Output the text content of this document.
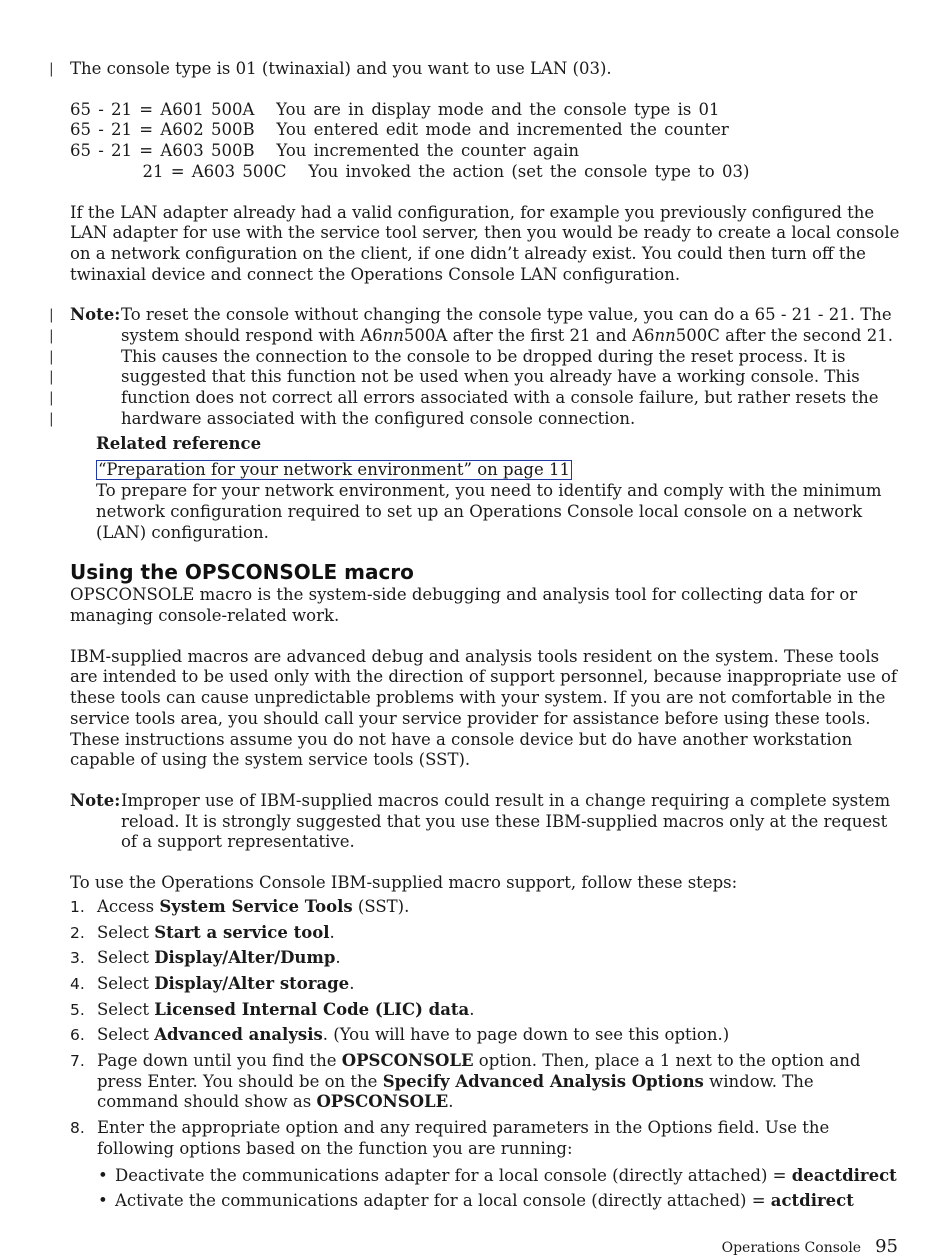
| The console type is 01 (twinaxial) and you want to use LAN (03).

65 - 21 = A601 500A   You are in display mode and the console type is 01
65 - 21 = A602 500B   You entered edit mode and incremented the counter
65 - 21 = A603 500B   You incremented the counter again
21 = A603 500C   You invoked the action (set the console type to 03)

If the LAN adapter already had a valid configuration, for example you previously configured the LAN adapter for use with the service tool server, then you would be ready to create a local console on a network configuration on the client, if one didn’t already exist. You could then turn off the twinaxial device and connect the Operations Console LAN configuration.

|
|
|
|
|
|
Note: To reset the console without changing the console type value, you can do a 65 - 21 - 21. The system should respond with A6nn500A after the first 21 and A6nn500C after the second 21. This causes the connection to the console to be dropped during the reset process. It is suggested that this function not be used when you already have a working console. This function does not correct all errors associated with a console failure, but rather resets the hardware associated with the configured console connection.
Related reference
“Preparation for your network environment” on page 11

To prepare for your network environment, you need to identify and comply with the minimum network configuration required to set up an Operations Console local console on a network (LAN) configuration.

Using the OPSCONSOLE macro

OPSCONSOLE macro is the system-side debugging and analysis tool for collecting data for or managing console-related work.

IBM-supplied macros are advanced debug and analysis tools resident on the system. These tools are intended to be used only with the direction of support personnel, because inappropriate use of these tools can cause unpredictable problems with your system. If you are not comfortable in the service tools area, you should call your service provider for assistance before using these tools. These instructions assume you do not have a console device but do have another workstation capable of using the system service tools (SST).

Note: Improper use of IBM-supplied macros could result in a change requiring a complete system reload. It is strongly suggested that you use these IBM-supplied macros only at the request of a support representative.

To use the Operations Console IBM-supplied macro support, follow these steps:

1. Access System Service Tools (SST).
2. Select Start a service tool.
3. Select Display/Alter/Dump.
4. Select Display/Alter storage.
5. Select Licensed Internal Code (LIC) data.
6. Select Advanced analysis. (You will have to page down to see this option.)
7. Page down until you find the OPSCONSOLE option. Then, place a 1 next to the option and press Enter. You should be on the Specify Advanced Analysis Options window. The command should show as OPSCONSOLE.
8. Enter the appropriate option and any required parameters in the Options field. Use the following options based on the function you are running:
• Deactivate the communications adapter for a local console (directly attached) = deactdirect
• Activate the communications adapter for a local console (directly attached) = actdirect
Operations Console 95
